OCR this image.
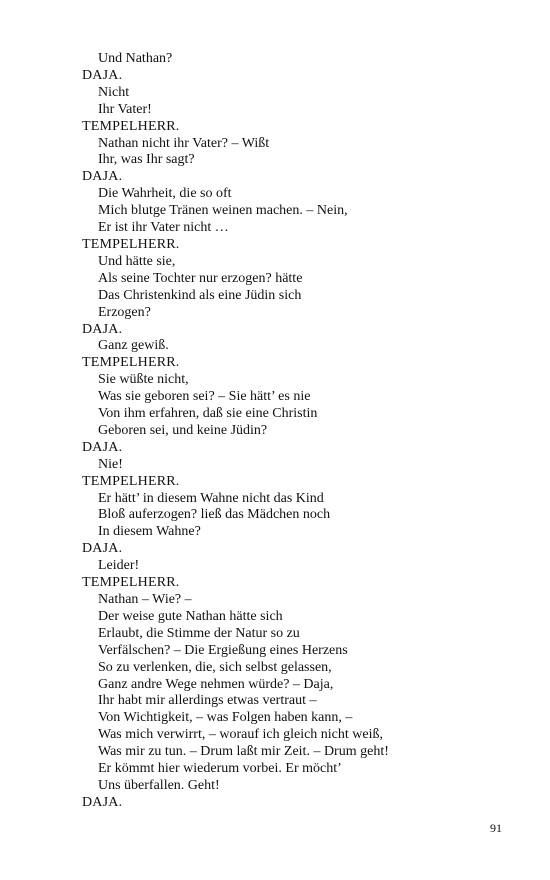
Und Nathan?
DAJA.
Nicht
Ihr Vater!
TEMPELHERR.
Nathan nicht ihr Vater? – Wißt
Ihr, was Ihr sagt?
DAJA.
Die Wahrheit, die so oft
Mich blutge Tränen weinen machen. – Nein,
Er ist ihr Vater nicht …
TEMPELHERR.
Und hätte sie,
Als seine Tochter nur erzogen? hätte
Das Christenkind als eine Jüdin sich
Erzogen?
DAJA.
Ganz gewiß.
TEMPELHERR.
Sie wüßte nicht,
Was sie geboren sei? – Sie hätt’ es nie
Von ihm erfahren, daß sie eine Christin
Geboren sei, und keine Jüdin?
DAJA.
Nie!
TEMPELHERR.
Er hätt’ in diesem Wahne nicht das Kind
Bloß auferzogen? ließ das Mädchen noch
In diesem Wahne?
DAJA.
Leider!
TEMPELHERR.
Nathan – Wie? –
Der weise gute Nathan hätte sich
Erlaubt, die Stimme der Natur so zu
Verfälschen? – Die Ergießung eines Herzens
So zu verlenken, die, sich selbst gelassen,
Ganz andre Wege nehmen würde? – Daja,
Ihr habt mir allerdings etwas vertraut –
Von Wichtigkeit, – was Folgen haben kann, –
Was mich verwirrt, – worauf ich gleich nicht weiß,
Was mir zu tun. – Drum laßt mir Zeit. – Drum geht!
Er kömmt hier wiederum vorbei. Er möcht’
Uns überfallen. Geht!
DAJA.
91
